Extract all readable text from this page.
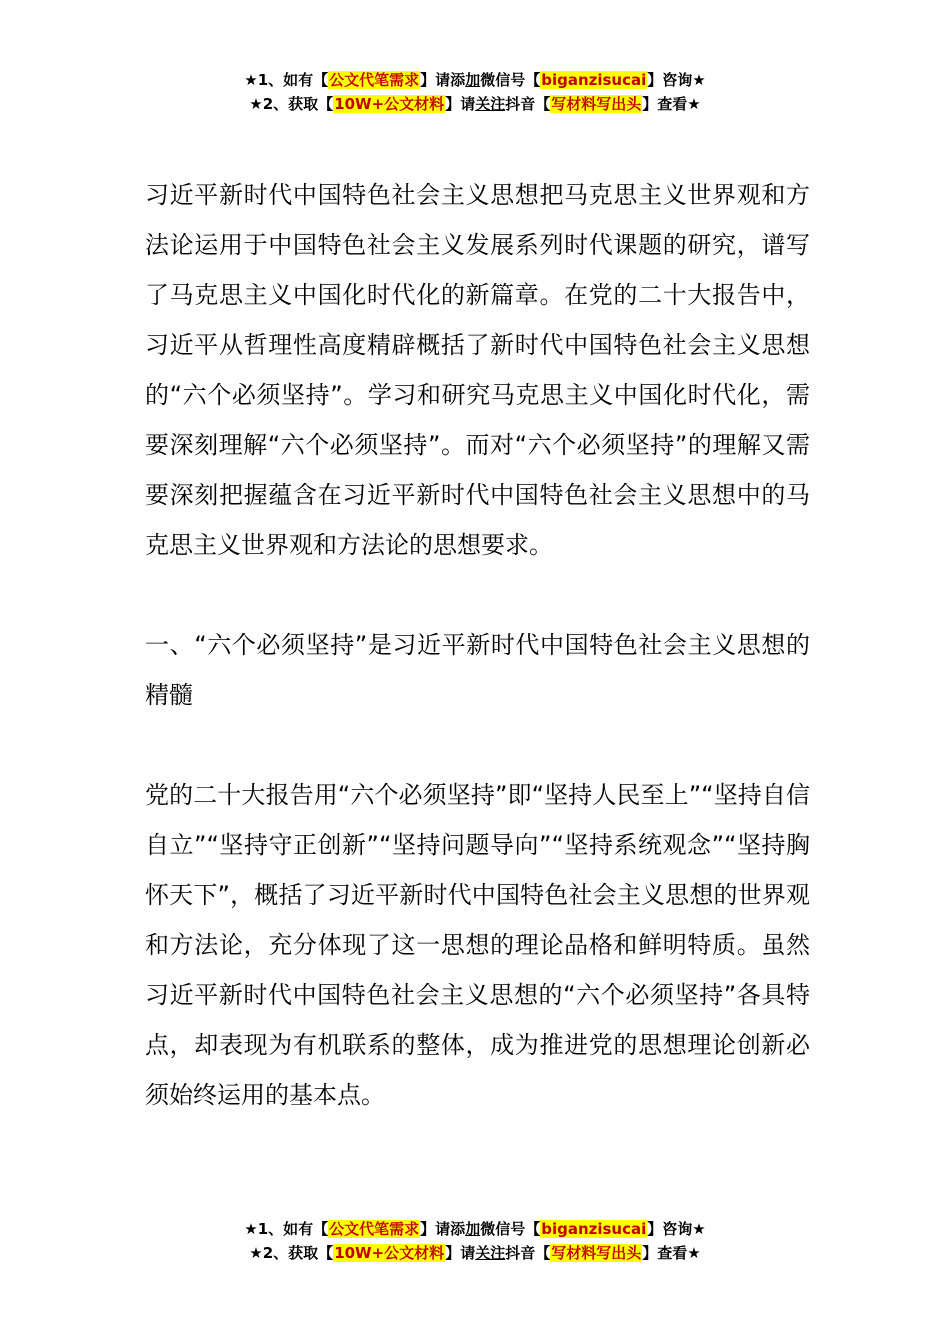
★1、如有【公文代笔需求】请添加微信号【biganzisucai】咨询★
★2、获取【10W+公文材料】请关注抖音【写材料写出头】查看★

习近平新时代中国特色社会主义思想把马克思主义世界观和方法论运用于中国特色社会主义发展系列时代课题的研究，谱写了马克思主义中国化时代化的新篇章。在党的二十大报告中，习近平从哲理性高度精辟概括了新时代中国特色社会主义思想的“六个必须坚持”。学习和研究马克思主义中国化时代化，需要深刻理解“六个必须坚持”。而对“六个必须坚持”的理解又需要深刻把握蕴含在习近平新时代中国特色社会主义思想中的马克思主义世界观和方法论的思想要求。

一、“六个必须坚持”是习近平新时代中国特色社会主义思想的精髓

党的二十大报告用“六个必须坚持”即“坚持人民至上”“坚持自信自立”“坚持守正创新”“坚持问题导向”“坚持系统观念”“坚持胸怀天下”，概括了习近平新时代中国特色社会主义思想的世界观和方法论，充分体现了这一思想的理论品格和鲜明特质。虽然习近平新时代中国特色社会主义思想的“六个必须坚持”各具特点，却表现为有机联系的整体，成为推进党的思想理论创新必须始终运用的基本点。

★1、如有【公文代笔需求】请添加微信号【biganzisucai】咨询★
★2、获取【10W+公文材料】请关注抖音【写材料写出头】查看★
